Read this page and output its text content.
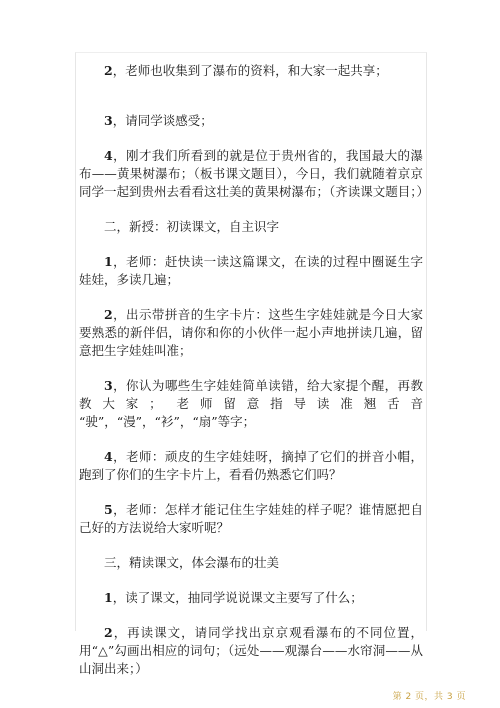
2，老师也收集到了瀑布的资料，和大家一起共享；

3，请同学谈感受；

4，刚才我们所看到的就是位于贵州省的，我国最大的瀑布——黄果树瀑布；（板书课文题目），今日，我们就随着京京同学一起到贵州去看看这壮美的黄果树瀑布；（齐读课文题目；）

二，新授：初读课文，自主识字

1，老师：赶快读一读这篇课文，在读的过程中圈诞生字娃娃，多读几遍；

2，出示带拼音的生字卡片：这些生字娃娃就是今日大家要熟悉的新伴侣，请你和你的小伙伴一起小声地拼读几遍，留意把生字娃娃叫准；

3，你认为哪些生字娃娃简单读错，给大家提个醒，再教教大家； 老师留意指导读准翘舌音 “驶”，“漫”，“衫”，“扇”等字；

4，老师：顽皮的生字娃娃呀，摘掉了它们的拼音小帽，跑到了你们的生字卡片上，看看仍熟悉它们吗？

5，老师：怎样才能记住生字娃娃的样子呢？谁情愿把自己好的方法说给大家听呢？

三，精读课文，体会瀑布的壮美

1，读了课文，抽同学说说课文主要写了什么；

2，再读课文，请同学找出京京观看瀑布的不同位置，用“△”勾画出相应的词句；（远处——观瀑台——水帘洞——从山洞出来；）

第 2 页，共 3 页
